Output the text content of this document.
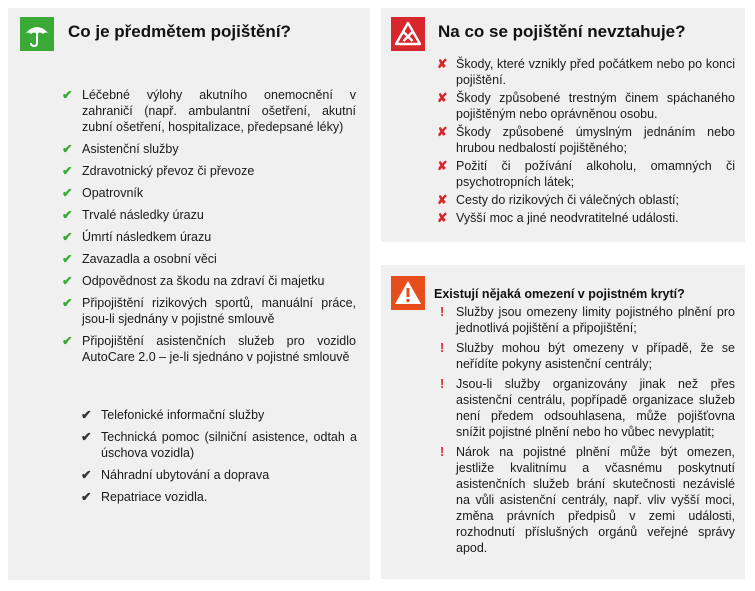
Co je předmětem pojištění?
✔ Léčebné výlohy akutního onemocnění v zahraničí (např. ambulantní ošetření, akutní zubní ošetření, hospitalizace, předepsané léky)
✔ Asistenční služby
✔ Zdravotnický převoz či převoze
✔ Opatrovník
✔ Trvalé následky úrazu
✔ Úmrtí následkem úrazu
✔ Zavazadla a osobní věci
✔ Odpovědnost za škodu na zdraví či majetku
✔ Připojištění rizikových sportů, manuální práce, jsou-li sjednány v pojistné smlouvě
✔ Připojištění asistenčních služeb pro vozidlo AutoCare 2.0 – je-li sjednáno v pojistné smlouvě
✔ Telefonické informační služby
✔ Technická pomoc (silniční asistence, odtah a úschova vozidla)
✔ Náhradní ubytování a doprava
✔ Repatriace vozidla.
Na co se pojištění nevztahuje?
✘ Škody, které vznikly před počátkem nebo po konci pojištění.
✘ Škody způsobené trestným činem spáchaného pojištěným nebo oprávněnou osobu.
✘ Škody způsobené úmyslným jednáním nebo hrubou nedbalostí pojištěného;
✘ Požití či požívání alkoholu, omamných či psychotropních látek;
✘ Cesty do rizikových či válečných oblastí;
✘ Vyšší moc a jiné neodvratitelné události.
Existují nějaká omezení v pojistném krytí?
! Služby jsou omezeny limity pojistného plnění pro jednotlivá pojištění a připojištění;
! Služby mohou být omezeny v případě, že se neřídíte pokyny asistenční centrály;
! Jsou-li služby organizovány jinak než přes asistenční centrálu, popřípadě organizace služeb není předem odsouhlasena, může pojišťovna snížit pojistné plnění nebo ho vůbec nevyplatit;
! Nárok na pojistné plnění může být omezen, jestliže kvalitnímu a včasnému poskytnutí asistenčních služeb brání skutečnosti nezávislé na vůli asistenční centrály, např. vliv vyšší moci, změna právních předpisů v zemi události, rozhodnutí příslušných orgánů veřejné správy apod.
